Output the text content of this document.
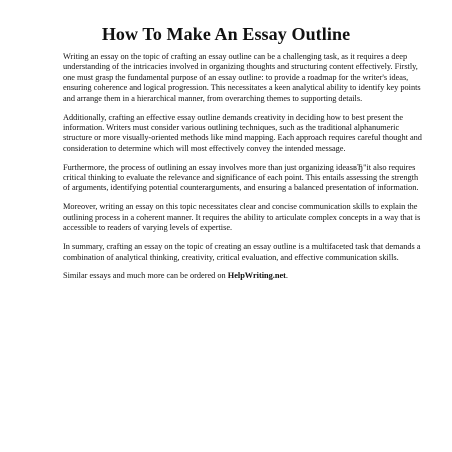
How To Make An Essay Outline

Writing an essay on the topic of crafting an essay outline can be a challenging task, as it requires a deep understanding of the intricacies involved in organizing thoughts and structuring content effectively. Firstly, one must grasp the fundamental purpose of an essay outline: to provide a roadmap for the writer's ideas, ensuring coherence and logical progression. This necessitates a keen analytical ability to identify key points and arrange them in a hierarchical manner, from overarching themes to supporting details.

Additionally, crafting an effective essay outline demands creativity in deciding how to best present the information. Writers must consider various outlining techniques, such as the traditional alphanumeric structure or more visually-oriented methods like mind mapping. Each approach requires careful thought and consideration to determine which will most effectively convey the intended message.

Furthermore, the process of outlining an essay involves more than just organizing ideasвЂ"it also requires critical thinking to evaluate the relevance and significance of each point. This entails assessing the strength of arguments, identifying potential counterarguments, and ensuring a balanced presentation of information.

Moreover, writing an essay on this topic necessitates clear and concise communication skills to explain the outlining process in a coherent manner. It requires the ability to articulate complex concepts in a way that is accessible to readers of varying levels of expertise.

In summary, crafting an essay on the topic of creating an essay outline is a multifaceted task that demands a combination of analytical thinking, creativity, critical evaluation, and effective communication skills.

Similar essays and much more can be ordered on HelpWriting.net.
